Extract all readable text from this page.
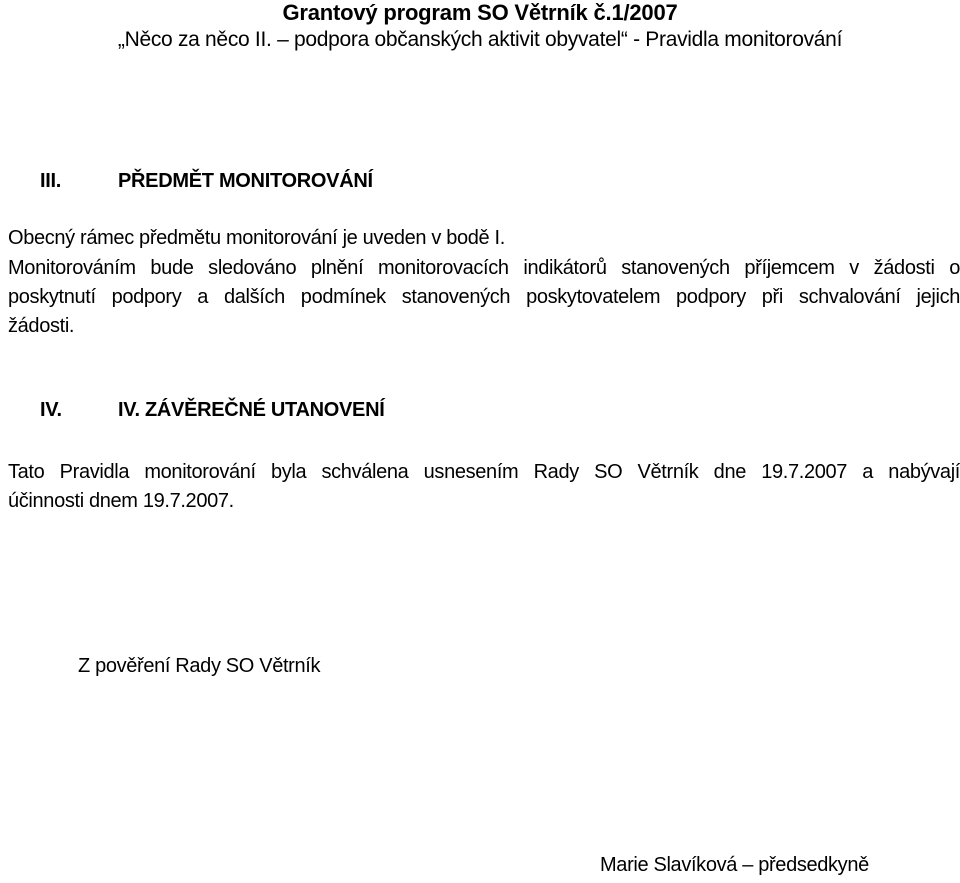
Grantový program SO Větrník č.1/2007

„Něco za něco II. – podpora občanských aktivit obyvatel“ - Pravidla monitorování

III.	PŘEDMĚT MONITOROVÁNÍ

Obecný rámec předmětu monitorování je uveden v bodě I.

Monitorováním bude sledováno plnění monitorovacích indikátorů stanovených příjemcem v žádosti o
poskytnutí podpory a dalších podmínek stanovených poskytovatelem podpory při schvalování jejich
žádosti.
IV.	IV. ZÁVĚREČNÉ UTANOVENÍ
Tato Pravidla monitorování byla schválena usnesením Rady SO Větrník dne 19.7.2007 a nabývají
účinnosti dnem 19.7.2007.

Z pověření Rady SO Větrník

Marie Slavíková – předsedkyně
